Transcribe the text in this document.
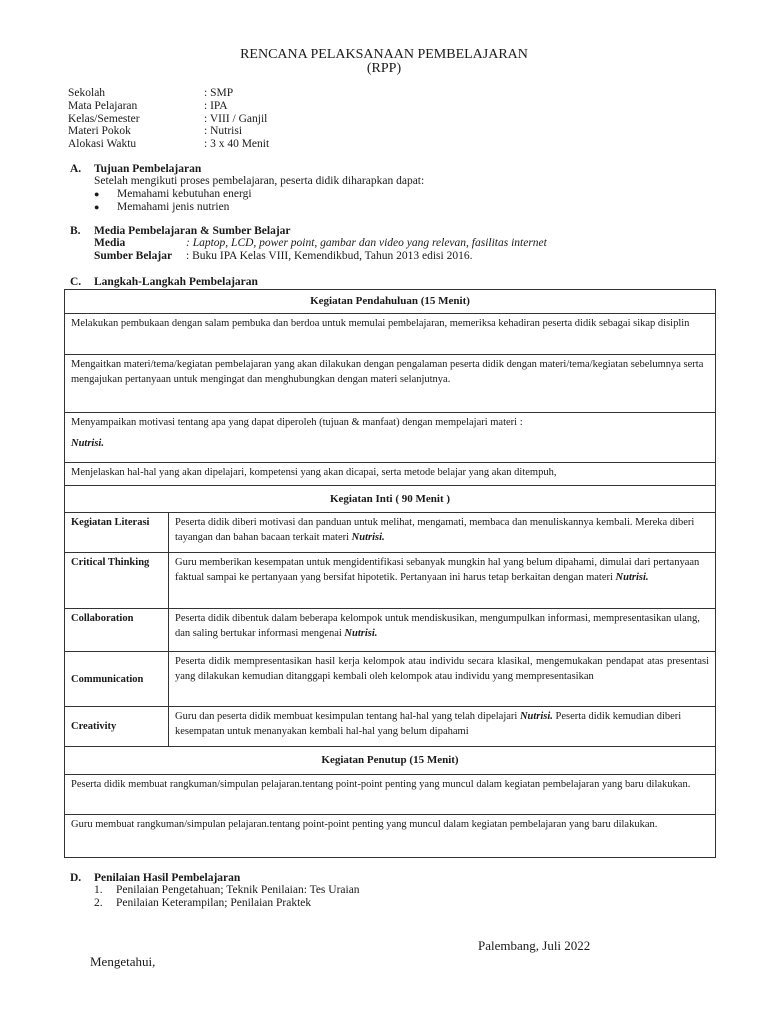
RENCANA PELAKSANAAN PEMBELAJARAN
(RPP)
Sekolah	: SMP
Mata Pelajaran	: IPA
Kelas/Semester	: VIII / Ganjil
Materi Pokok	: Nutrisi
Alokasi Waktu	: 3 x 40 Menit
A. Tujuan Pembelajaran
Setelah mengikuti proses pembelajaran, peserta didik diharapkan dapat:
●	Memahami kebutuhan energi
●	Memahami jenis nutrien
B. Media Pembelajaran & Sumber Belajar
Media	: Laptop, LCD, power point, gambar dan video yang relevan, fasilitas internet
Sumber Belajar	: Buku IPA Kelas VIII, Kemendikbud, Tahun 2013 edisi 2016.
C. Langkah-Langkah Pembelajaran
Kegiatan Pendahuluan (15 Menit)	
Melakukan pembukaan dengan salam pembuka dan berdoa untuk memulai pembelajaran, memeriksa kehadiran peserta didik sebagai sikap disiplin	
Mengaitkan materi/tema/kegiatan pembelajaran yang akan dilakukan dengan pengalaman peserta didik dengan materi/tema/kegiatan sebelumnya serta mengajukan pertanyaan untuk mengingat dan menghubungkan dengan materi selanjutnya.	

Menyampaikan motivasi tentang apa yang dapat diperoleh (tujuan & manfaat) dengan mempelajari materi :
Nutrisi.	

Menjelaskan hal-hal yang akan dipelajari, kompetensi yang akan dicapai, serta metode belajar yang akan ditempuh,	
Kegiatan Inti ( 90 Menit )	
Kegiatan Literasi	Peserta didik diberi motivasi dan panduan untuk melihat, mengamati, membaca dan menuliskannya kembali. Mereka diberi tayangan dan bahan bacaan terkait materi Nutrisi.
Critical Thinking	Guru memberikan kesempatan untuk mengidentifikasi sebanyak mungkin hal yang belum dipahami, dimulai dari pertanyaan faktual sampai ke pertanyaan yang bersifat hipotetik. Pertanyaan ini harus tetap berkaitan dengan materi Nutrisi.
Collaboration	Peserta didik dibentuk dalam beberapa kelompok untuk mendiskusikan, mengumpulkan informasi, mempresentasikan ulang, dan saling bertukar informasi mengenai Nutrisi.
Communication	Peserta didik mempresentasikan hasil kerja kelompok atau individu secara klasikal, mengemukakan pendapat atas presentasi yang dilakukan kemudian ditanggapi kembali oleh kelompok atau individu yang mempresentasikan
Creativity	Guru dan peserta didik membuat kesimpulan tentang hal-hal yang telah dipelajari Nutrisi. Peserta didik kemudian diberi kesempatan untuk menanyakan kembali hal-hal yang belum dipahami
Kegiatan Penutup (15 Menit)	
Peserta didik membuat rangkuman/simpulan pelajaran.tentang point-point penting yang muncul dalam kegiatan pembelajaran yang baru dilakukan.	
Guru membuat rangkuman/simpulan pelajaran.tentang point-point penting yang muncul dalam kegiatan pembelajaran yang baru dilakukan.	
D. Penilaian Hasil Pembelajaran
1.	Penilaian Pengetahuan; Teknik Penilaian: Tes Uraian
2.	Penilaian Keterampilan; Penilaian Praktek
Palembang, Juli 2022
Mengetahui,
